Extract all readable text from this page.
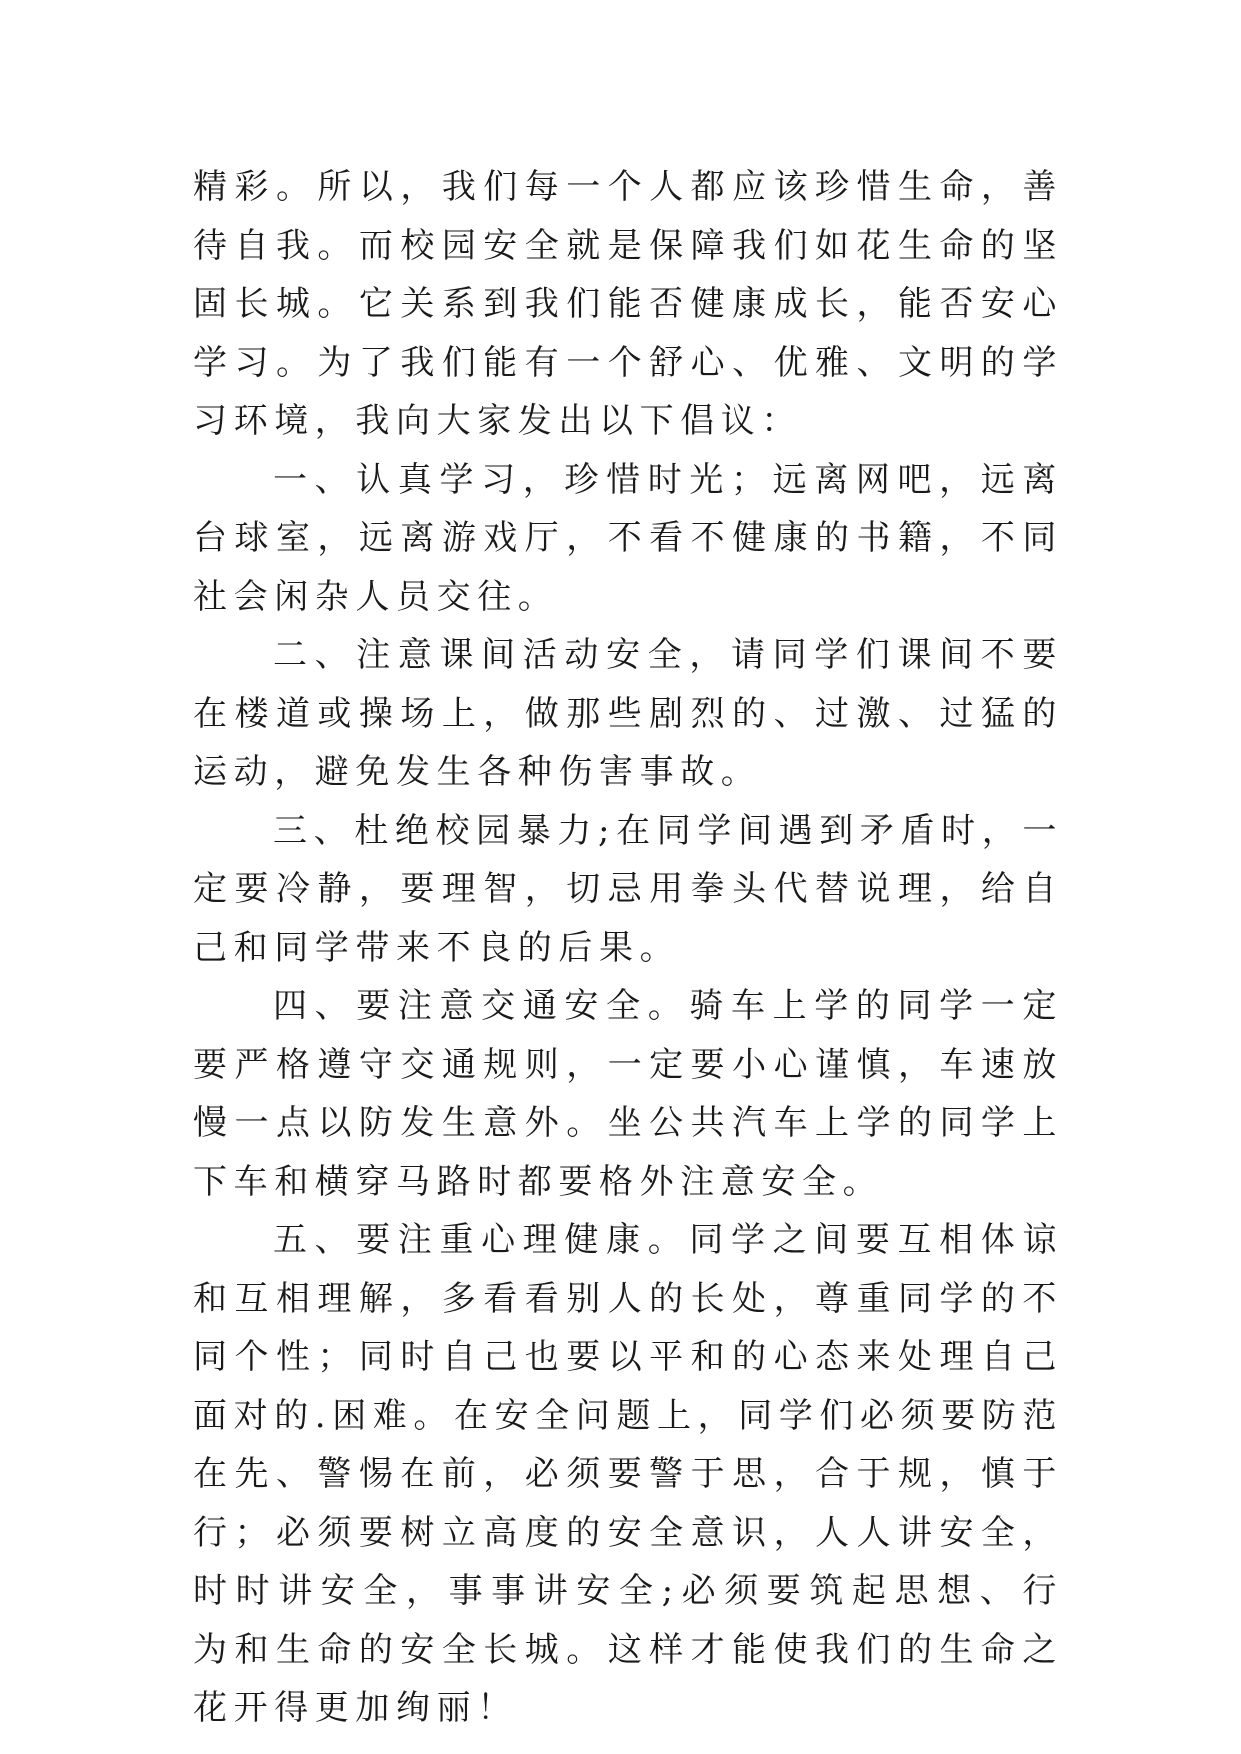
精彩。所以，我们每一个人都应该珍惜生命，善待自我。而校园安全就是保障我们如花生命的坚固长城。它关系到我们能否健康成长，能否安心学习。为了我们能有一个舒心、优雅、文明的学习环境，我向大家发出以下倡议：

一、认真学习，珍惜时光；远离网吧，远离台球室，远离游戏厅，不看不健康的书籍，不同社会闲杂人员交往。

二、注意课间活动安全，请同学们课间不要在楼道或操场上，做那些剧烈的、过激、过猛的运动，避免发生各种伤害事故。

三、杜绝校园暴力;在同学间遇到矛盾时，一定要冷静，要理智，切忌用拳头代替说理，给自己和同学带来不良的后果。

四、要注意交通安全。骑车上学的同学一定要严格遵守交通规则，一定要小心谨慎，车速放慢一点以防发生意外。坐公共汽车上学的同学上下车和横穿马路时都要格外注意安全。

五、要注重心理健康。同学之间要互相体谅和互相理解，多看看别人的长处，尊重同学的不同个性；同时自己也要以平和的心态来处理自己面对的.困难。在安全问题上，同学们必须要防范在先、警惕在前，必须要警于思，合于规，慎于行；必须要树立高度的安全意识，人人讲安全，时时讲安全，事事讲安全;必须要筑起思想、行为和生命的安全长城。这样才能使我们的生命之花开得更加绚丽！
